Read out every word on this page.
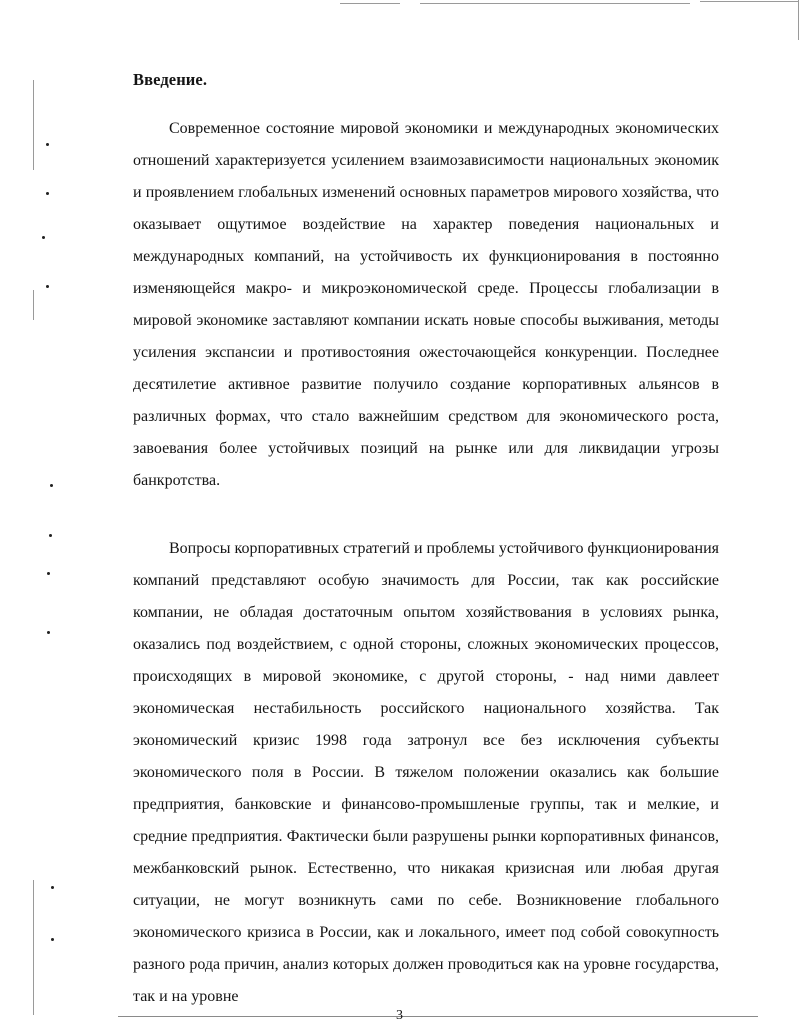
Введение.

Современное состояние мировой экономики и международных экономических отношений характеризуется усилением взаимозависимости национальных экономик и проявлением глобальных изменений основных параметров мирового хозяйства, что оказывает ощутимое воздействие на характер поведения национальных и международных компаний, на устойчивость их функционирования в постоянно изменяющейся макро- и микроэкономической среде. Процессы глобализации в мировой экономике заставляют компании искать новые способы выживания, методы усиления экспансии и противостояния ожесточающейся конкуренции. Последнее десятилетие активное развитие получило создание корпоративных альянсов в различных формах, что стало важнейшим средством для экономического роста, завоевания более устойчивых позиций на рынке или для ликвидации угрозы банкротства.

Вопросы корпоративных стратегий и проблемы устойчивого функционирования компаний представляют особую значимость для России, так как российские компании, не обладая достаточным опытом хозяйствования в условиях рынка, оказались под воздействием, с одной стороны, сложных экономических процессов, происходящих в мировой экономике, с другой стороны, - над ними давлеет экономическая нестабильность российского национального хозяйства. Так экономический кризис 1998 года затронул все без исключения субъекты экономического поля в России. В тяжелом положении оказались как большие предприятия, банковские и финансово-промышленые группы, так и мелкие, и средние предприятия. Фактически были разрушены рынки корпоративных финансов, межбанковский рынок. Естественно, что никакая кризисная или любая другая ситуации, не могут возникнуть сами по себе. Возникновение глобального экономического кризиса в России, как и локального, имеет под собой совокупность разного рода причин, анализ которых должен проводиться как на уровне государства, так и на уровне

3
